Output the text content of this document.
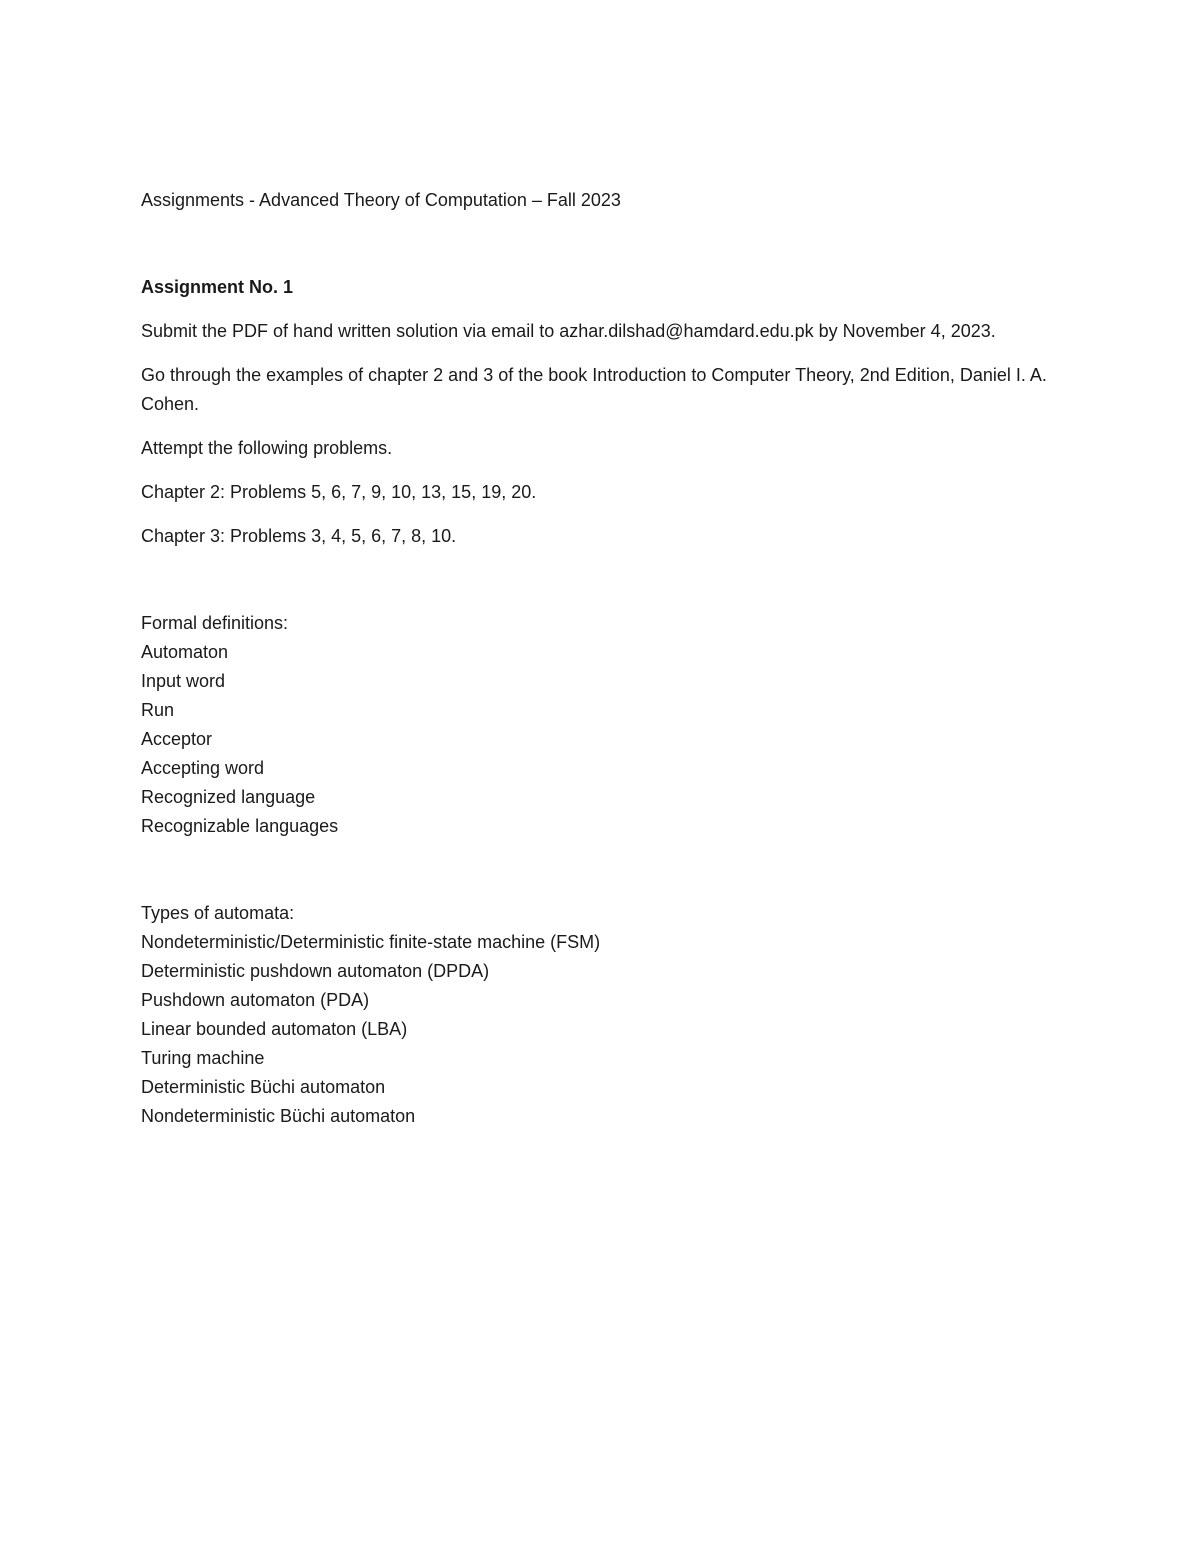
Assignments - Advanced Theory of Computation – Fall 2023

Assignment No. 1

Submit the PDF of hand written solution via email to azhar.dilshad@hamdard.edu.pk by November 4, 2023.

Go through the examples of chapter 2 and 3 of the book Introduction to Computer Theory, 2nd Edition, Daniel I. A. Cohen.

Attempt the following problems.

Chapter 2: Problems 5, 6, 7, 9, 10, 13, 15, 19, 20.

Chapter 3: Problems 3, 4, 5, 6, 7, 8, 10.

Formal definitions:

Automaton

Input word

Run

Acceptor

Accepting word

Recognized language

Recognizable languages

Types of automata:

Nondeterministic/Deterministic finite-state machine (FSM)

Deterministic pushdown automaton (DPDA)

Pushdown automaton (PDA)

Linear bounded automaton (LBA)

Turing machine

Deterministic Büchi automaton

Nondeterministic Büchi automaton
